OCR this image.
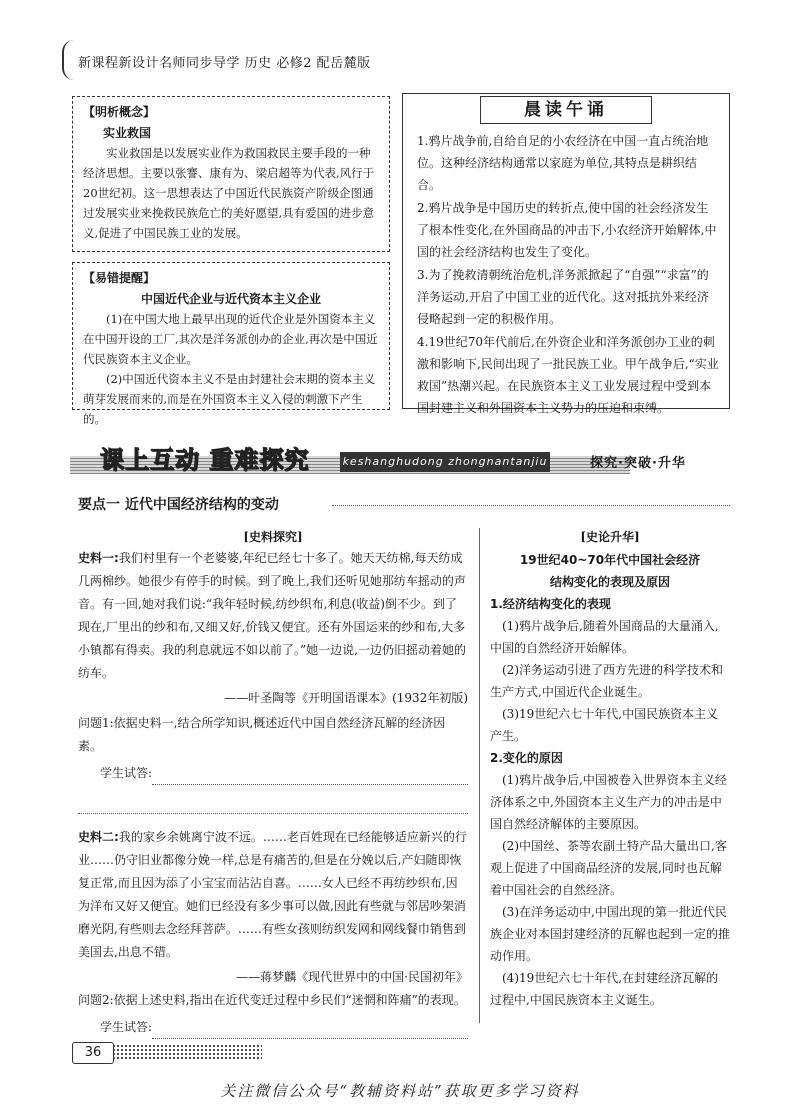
新课程新设计名师同步导学 历史 必修2 配岳麓版
【明析概念】
实业救国

实业救国是以发展实业作为救国救民主要手段的一种经济思想。主要以张謇、康有为、梁启超等为代表,风行于20世纪初。这一思想表达了中国近代民族资产阶级企图通过发展实业来挽救民族危亡的美好愿望,具有爱国的进步意义,促进了中国民族工业的发展。

【易错提醒】
中国近代企业与近代资本主义企业

(1)在中国大地上最早出现的近代企业是外国资本主义在中国开设的工厂,其次是洋务派创办的企业,再次是中国近代民族资本主义企业。

(2)中国近代资本主义不是由封建社会末期的资本主义萌芽发展而来的,而是在外国资本主义入侵的刺激下产生的。

1.鸦片战争前,自给自足的小农经济在中国一直占统治地位。这种经济结构通常以家庭为单位,其特点是耕织结合。
2.鸦片战争是中国历史的转折点,使中国的社会经济发生了根本性变化,在外国商品的冲击下,小农经济开始解体,中国的社会经济结构也发生了变化。
3.为了挽救清朝统治危机,洋务派掀起了“自强”“求富”的洋务运动,开启了中国工业的近代化。这对抵抗外来经济侵略起到一定的积极作用。
4.19世纪70年代前后,在外资企业和洋务派创办工业的刺激和影响下,民间出现了一批民族工业。甲午战争后,“实业救国”热潮兴起。在民族资本主义工业发展过程中受到本国封建主义和外国资本主义势力的压迫和束缚。
晨读午诵
课上互动 重难探究	keshanghudong zhongnantanjiu	探究·突破·升华
要点一 近代中国经济结构的变动
[史料探究]
史料一:我们村里有一个老婆婆,年纪已经七十多了。她天天纺棉,每天纺成几两棉纱。她很少有停手的时候。到了晚上,我们还听见她那纺车摇动的声音。有一回,她对我们说:“我年轻时候,纺纱织布,利息(收益)倒不少。到了现在,厂里出的纱和布,又细又好,价钱又便宜。还有外国运来的纱和布,大多小镇都有得卖。我的利息就远不如以前了。”她一边说,一边仍旧摇动着她的纺车。
——叶圣陶等《开明国语课本》(1932年初版)
问题1:依据史料一,结合所学知识,概述近代中国自然经济瓦解的经济因素。
学生试答:
史料二:我的家乡余姚离宁波不远。……老百姓现在已经能够适应新兴的行业……仍守旧业都像分娩一样,总是有痛苦的,但是在分娩以后,产妇随即恢复正常,而且因为添了小宝宝而沾沾自喜。……女人已经不再纺纱织布,因为洋布又好又便宜。她们已经没有多少事可以做,因此有些就与邻居吵架消磨光阴,有些则去念经拜菩萨。……有些女孩则纺织发网和网线餐巾销售到美国去,出息不错。
——蒋梦麟《现代世界中的中国·民国初年》
问题2:依据上述史料,指出在近代变迁过程中乡民们“迷惘和阵痛”的表现。
学生试答:
[史论升华]
19世纪40~70年代中国社会经济
结构变化的表现及原因
1.经济结构变化的表现

(1)鸦片战争后,随着外国商品的大量涌入,中国的自然经济开始解体。

(2)洋务运动引进了西方先进的科学技术和生产方式,中国近代企业诞生。

(3)19世纪六七十年代,中国民族资本主义产生。

2.变化的原因

(1)鸦片战争后,中国被卷入世界资本主义经济体系之中,外国资本主义生产力的冲击是中国自然经济解体的主要原因。

(2)中国丝、茶等农副土特产品大量出口,客观上促进了中国商品经济的发展,同时也瓦解着中国社会的自然经济。

(3)在洋务运动中,中国出现的第一批近代民族企业对本国封建经济的瓦解也起到一定的推动作用。

(4)19世纪六七十年代,在封建经济瓦解的过程中,中国民族资本主义诞生。

36
关注微信公众号“教辅资料站”获取更多学习资料
